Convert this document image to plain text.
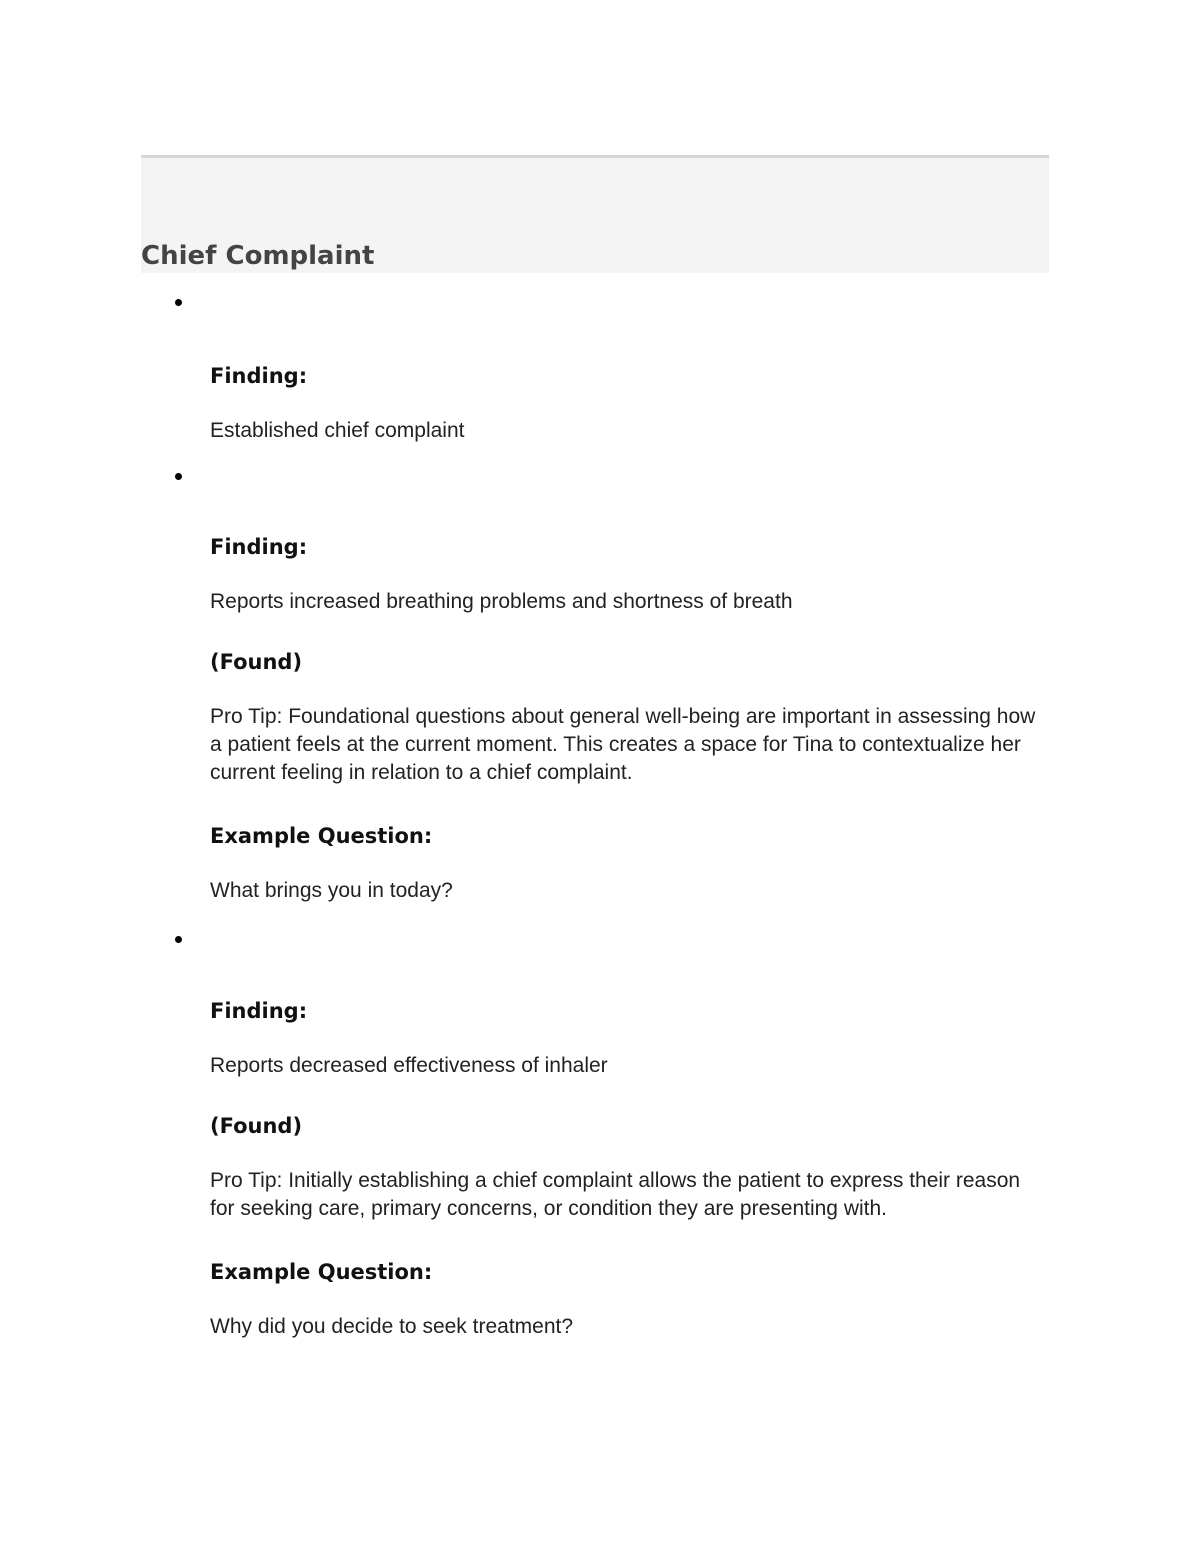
Chief Complaint

Finding:

Established chief complaint

Finding:

Reports increased breathing problems and shortness of breath

(Found)

Pro Tip: Foundational questions about general well-being are important in assessing how a patient feels at the current moment. This creates a space for Tina to contextualize her current feeling in relation to a chief complaint.

Example Question:

What brings you in today?

Finding:

Reports decreased effectiveness of inhaler

(Found)

Pro Tip: Initially establishing a chief complaint allows the patient to express their reason for seeking care, primary concerns, or condition they are presenting with.

Example Question:

Why did you decide to seek treatment?
